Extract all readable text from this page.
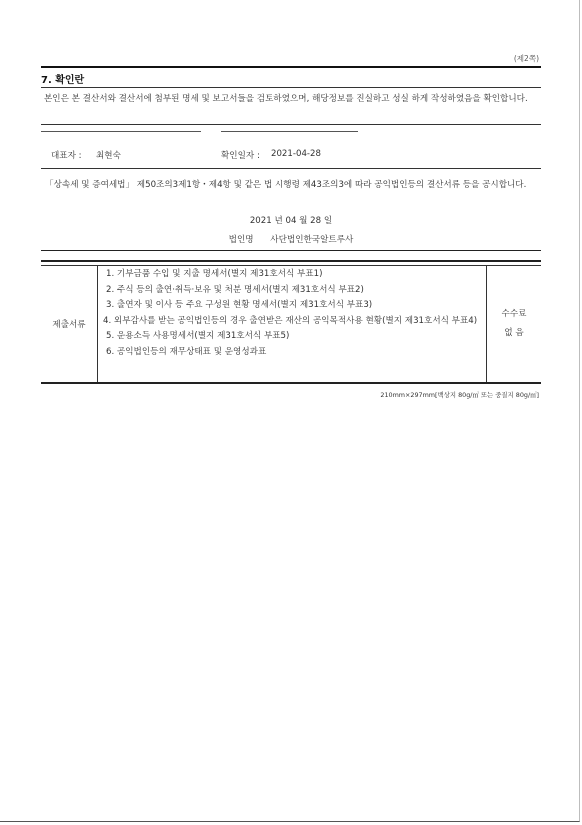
(제2쪽)
7. 확인란
본인은 본 결산서와 결산서에 첨부된 명세 및 보고서들을 검토하였으며, 해당정보를 진실하고 성실 하게 작성하였음을 확인합니다.
대표자 : 최현숙	확인일자 : 2021-04-28
「상속세 및 증여세법」 제50조의3제1항・제4항 및 같은 법 시행령 제43조의3에 따라 공익법인등의 결산서류 등을 공시합니다.
2021 년 04 월 28 일
법인명 사단법인한국알트루사
제출서류
1. 기부금품 수입 및 지출 명세서(별지 제31호서식 부표1)
2. 주식 등의 출연·취득·보유 및 처분 명세서(별지 제31호서식 부표2)
3. 출연자 및 이사 등 주요 구성원 현황 명세서(별지 제31호서식 부표3)
4. 외부감사를 받는 공익법인등의 경우 출연받은 재산의 공익목적사용 현황(별지 제31호서식 부표4)
5. 운용소득 사용명세서(별지 제31호서식 부표5)
6. 공익법인등의 재무상태표 및 운영성과표
수수료
없 음
210mm×297mm[백상지 80g/㎡ 또는 중질지 80g/㎡]
